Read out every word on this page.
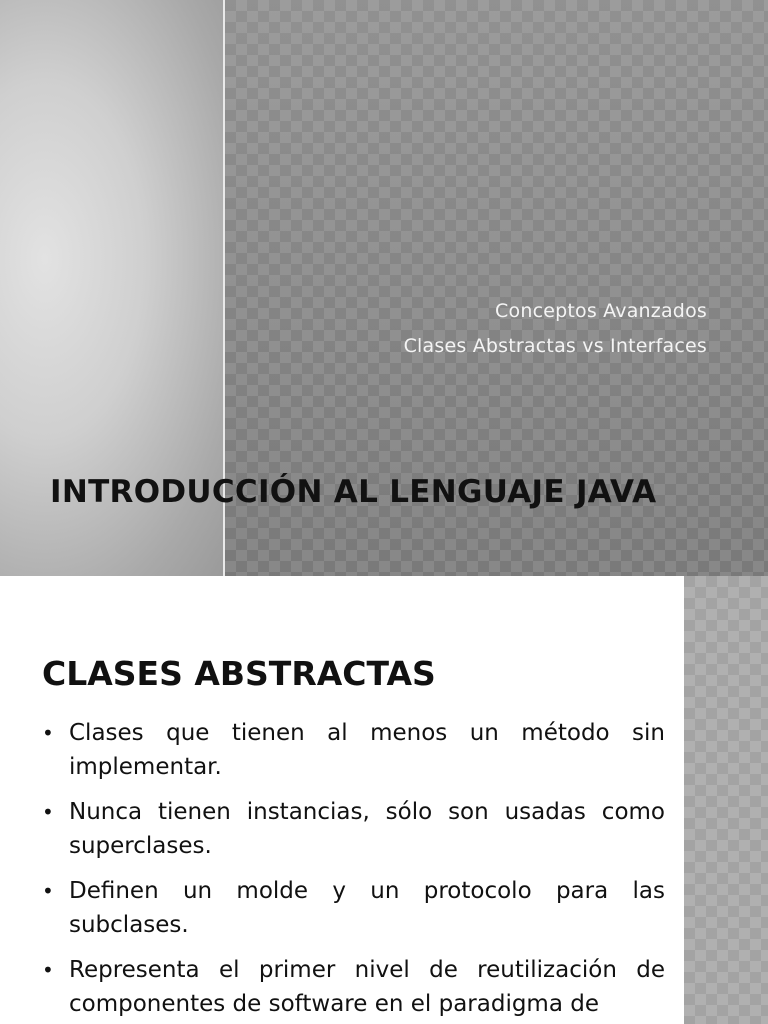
Conceptos Avanzados
Clases Abstractas vs Interfaces
INTRODUCCIÓN AL LENGUAJE JAVA
CLASES ABSTRACTAS
• Clases que tienen al menos un método sin implementar.
• Nunca tienen instancias, sólo son usadas como superclases.
• Definen un molde y un protocolo para las subclases.
• Representa el primer nivel de reutilización de componentes de software en el paradigma de
